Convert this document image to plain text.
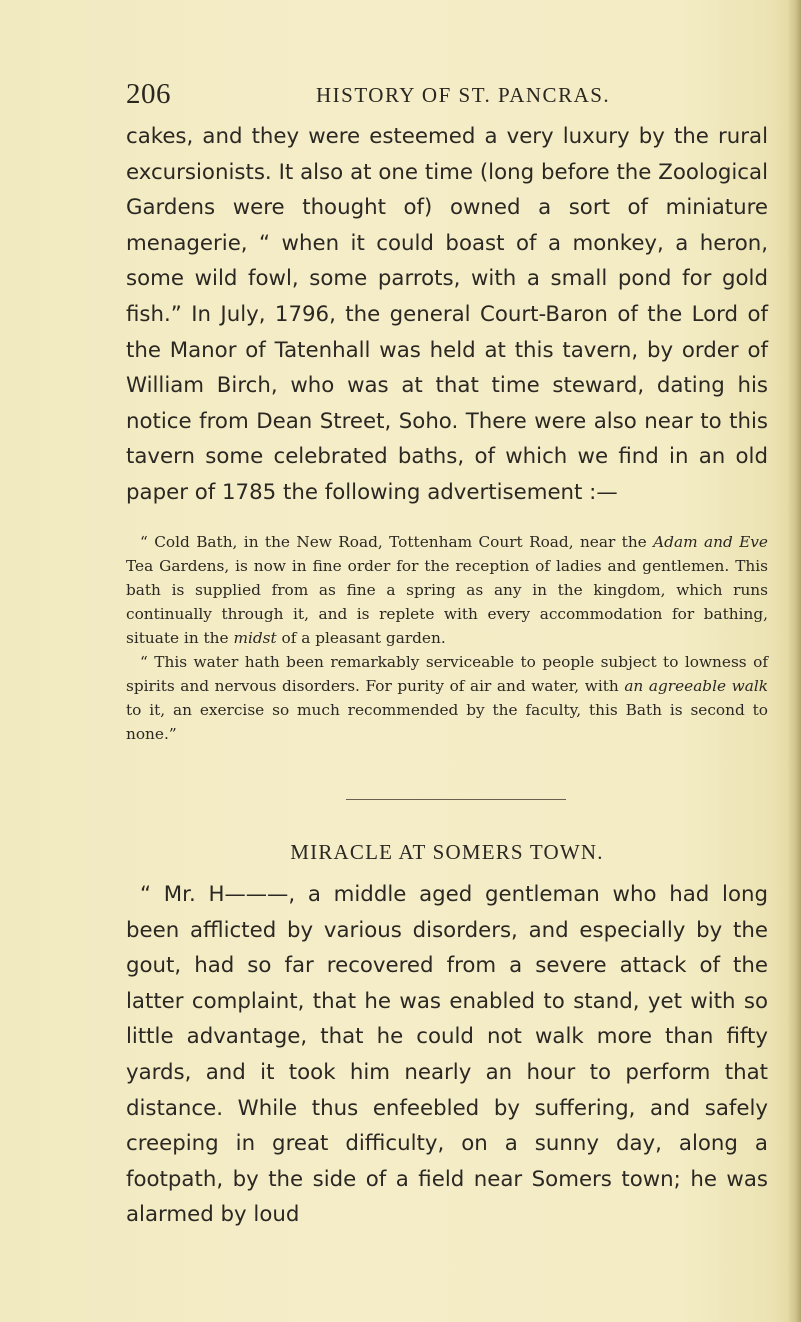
206	HISTORY OF ST. PANCRAS.

cakes, and they were esteemed a very luxury by the rural excursionists. It also at one time (long before the Zoological Gardens were thought of) owned a sort of miniature menagerie, “ when it could boast of a monkey, a heron, some wild fowl, some parrots, with a small pond for gold fish.” In July, 1796, the general Court-Baron of the Lord of the Manor of Tatenhall was held at this tavern, by order of William Birch, who was at that time steward, dating his notice from Dean Street, Soho. There were also near to this tavern some celebrated baths, of which we find in an old paper of 1785 the following advertisement :—

“ Cold Bath, in the New Road, Tottenham Court Road, near the Adam and Eve Tea Gardens, is now in fine order for the reception of ladies and gentlemen. This bath is supplied from as fine a spring as any in the kingdom, which runs continually through it, and is replete with every accommodation for bathing, situate in the midst of a pleasant garden.

“ This water hath been remarkably serviceable to people subject to lowness of spirits and nervous disorders. For purity of air and water, with an agreeable walk to it, an exercise so much recommended by the faculty, this Bath is second to none.”

MIRACLE AT SOMERS TOWN.

“ Mr. H———, a middle aged gentleman who had long been afflicted by various disorders, and especially by the gout, had so far recovered from a severe attack of the latter complaint, that he was enabled to stand, yet with so little advantage, that he could not walk more than fifty yards, and it took him nearly an hour to perform that distance. While thus enfeebled by suffering, and safely creeping in great difficulty, on a sunny day, along a footpath, by the side of a field near Somers town; he was alarmed by loud
